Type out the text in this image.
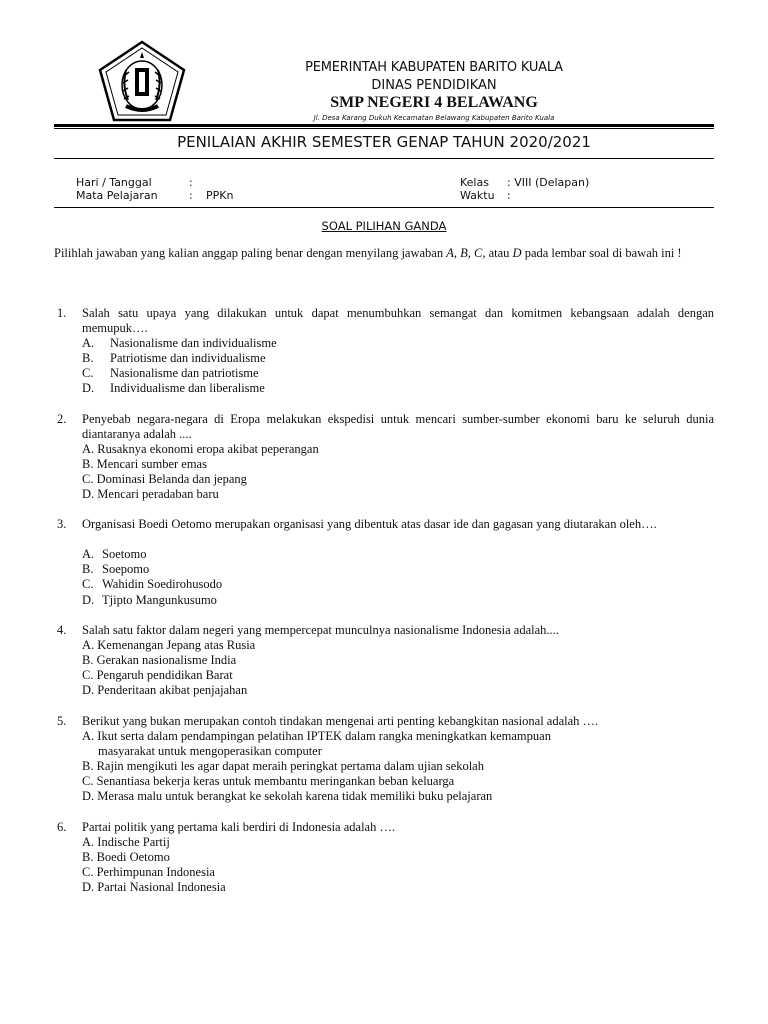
PEMERINTAH KABUPATEN BARITO KUALA
DINAS PENDIDIKAN
SMP NEGERI 4 BELAWANG
Jl. Desa Karang Dukuh Kecamatan Belawang Kabupaten Barito Kuala
PENILAIAN AKHIR SEMESTER GENAP TAHUN 2020/2021
Hari / Tanggal	:
Mata Pelajaran	: PPKn
Kelas : VIII (Delapan)
Waktu :
SOAL PILIHAN GANDA
Pilihlah jawaban yang kalian anggap paling benar dengan menyilang jawaban A, B, C, atau D pada lembar soal di bawah ini !
1. Salah satu upaya yang dilakukan untuk dapat menumbuhkan semangat dan komitmen kebangsaan adalah dengan memupuk….
A. Nasionalisme dan individualisme
B. Patriotisme dan individualisme
C. Nasionalisme dan patriotisme
D. Individualisme dan liberalisme
2. Penyebab negara-negara di Eropa melakukan ekspedisi untuk mencari sumber-sumber ekonomi baru ke seluruh dunia diantaranya adalah ....
A. Rusaknya ekonomi eropa akibat peperangan
B. Mencari sumber emas
C. Dominasi Belanda dan jepang
D. Mencari peradaban baru
3. Organisasi Boedi Oetomo merupakan organisasi yang dibentuk atas dasar ide dan gagasan yang diutarakan oleh….
A. Soetomo
B. Soepomo
C. Wahidin Soedirohusodo
D. Tjipto Mangunkusumo
4. Salah satu faktor dalam negeri yang mempercepat munculnya nasionalisme Indonesia adalah....
A. Kemenangan Jepang atas Rusia
B. Gerakan nasionalisme India
C. Pengaruh pendidikan Barat
D. Penderitaan akibat penjajahan
5. Berikut yang bukan merupakan contoh tindakan mengenai arti penting kebangkitan nasional adalah ….
A. Ikut serta dalam pendampingan pelatihan IPTEK dalam rangka meningkatkan kemampuan
masyarakat untuk mengoperasikan computer
B. Rajin mengikuti les agar dapat meraih peringkat pertama dalam ujian sekolah
C. Senantiasa bekerja keras untuk membantu meringankan beban keluarga
D. Merasa malu untuk berangkat ke sekolah karena tidak memiliki buku pelajaran
6. Partai politik yang pertama kali berdiri di Indonesia adalah ….
A. Indische Partij
B. Boedi Oetomo
C. Perhimpunan Indonesia
D. Partai Nasional Indonesia
